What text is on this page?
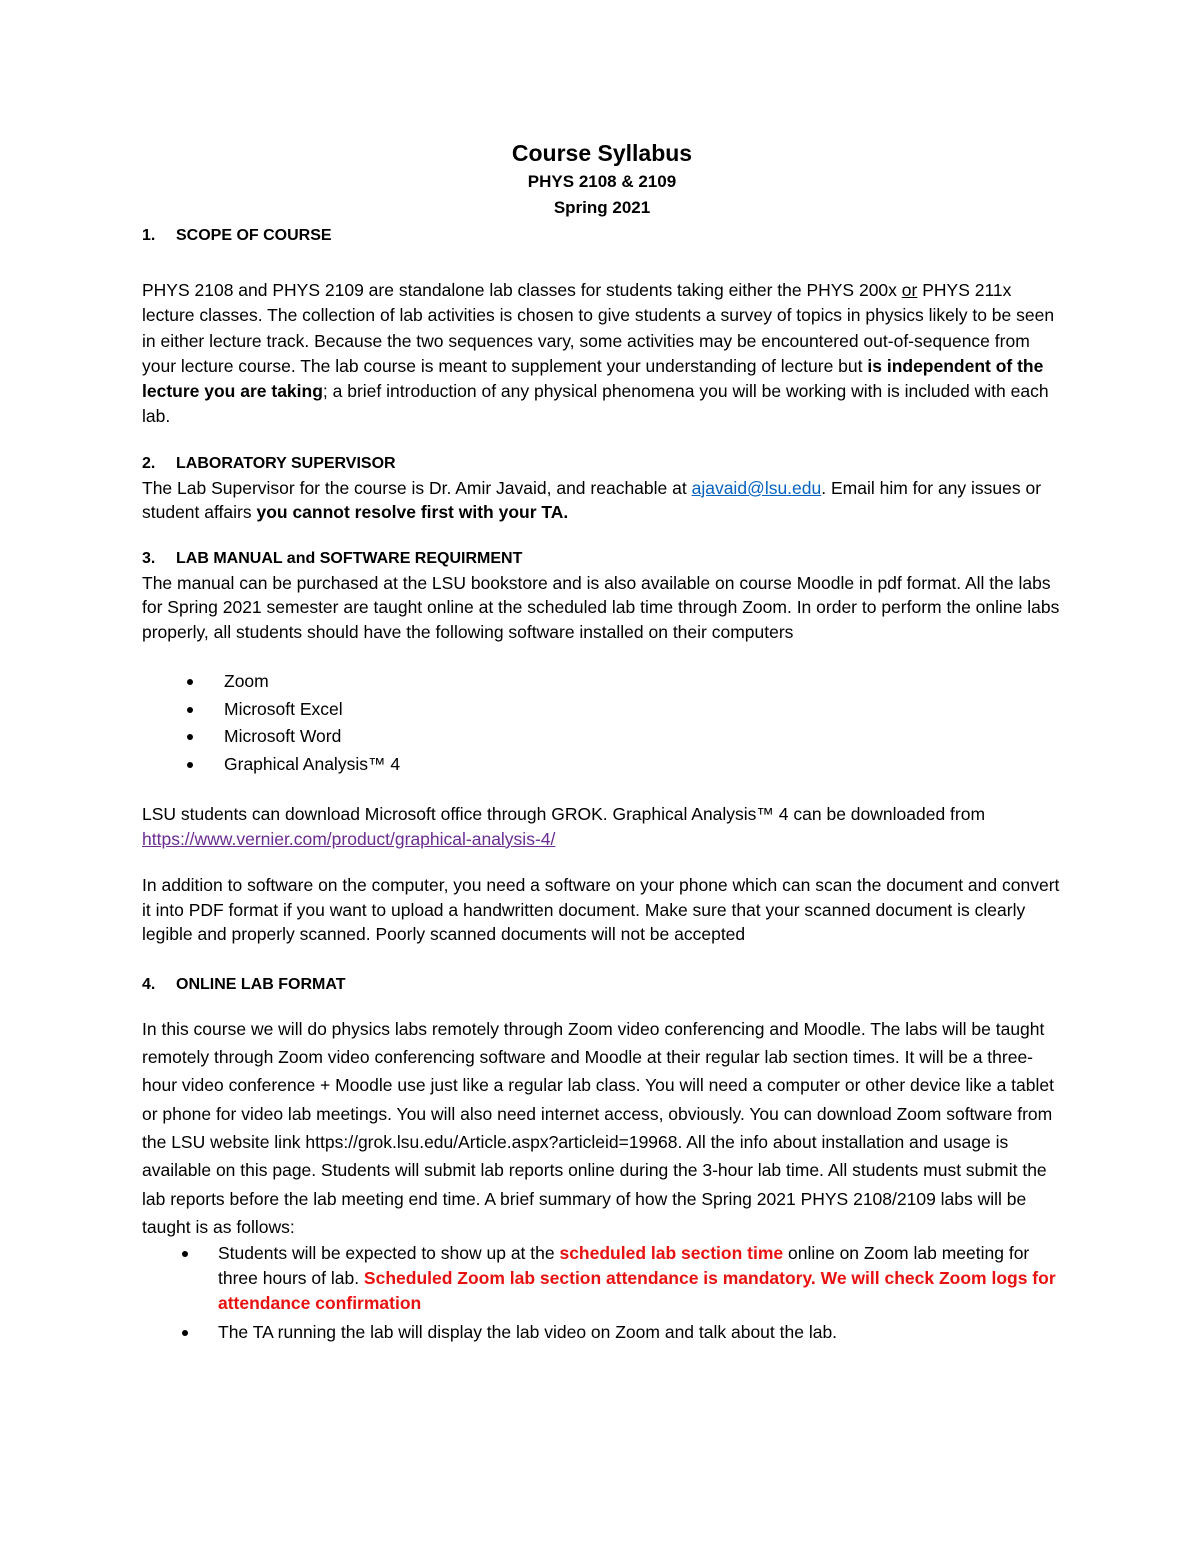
Course Syllabus
PHYS 2108 & 2109
Spring 2021
1.	SCOPE OF COURSE

PHYS 2108 and PHYS 2109 are standalone lab classes for students taking either the PHYS 200x or PHYS 211x lecture classes. The collection of lab activities is chosen to give students a survey of topics in physics likely to be seen in either lecture track. Because the two sequences vary, some activities may be encountered out-of-sequence from your lecture course. The lab course is meant to supplement your understanding of lecture but is independent of the lecture you are taking; a brief introduction of any physical phenomena you will be working with is included with each lab.

2.	LABORATORY SUPERVISOR

The Lab Supervisor for the course is Dr. Amir Javaid, and reachable at ajavaid@lsu.edu. Email him for any issues or student affairs you cannot resolve first with your TA.

3.	LAB MANUAL and SOFTWARE REQUIRMENT

The manual can be purchased at the LSU bookstore and is also available on course Moodle in pdf format. All the labs for Spring 2021 semester are taught online at the scheduled lab time through Zoom. In order to perform the online labs properly, all students should have the following software installed on their computers

Zoom
Microsoft Excel
Microsoft Word
Graphical Analysis™ 4

LSU students can download Microsoft office through GROK. Graphical Analysis™ 4 can be downloaded from https://www.vernier.com/product/graphical-analysis-4/

In addition to software on the computer, you need a software on your phone which can scan the document and convert it into PDF format if you want to upload a handwritten document. Make sure that your scanned document is clearly legible and properly scanned. Poorly scanned documents will not be accepted

4.	ONLINE LAB FORMAT

In this course we will do physics labs remotely through Zoom video conferencing and Moodle. The labs will be taught remotely through Zoom video conferencing software and Moodle at their regular lab section times. It will be a three-hour video conference + Moodle use just like a regular lab class. You will need a computer or other device like a tablet or phone for video lab meetings. You will also need internet access, obviously. You can download Zoom software from the LSU website link https://grok.lsu.edu/Article.aspx?articleid=19968. All the info about installation and usage is available on this page. Students will submit lab reports online during the 3-hour lab time. All students must submit the lab reports before the lab meeting end time. A brief summary of how the Spring 2021 PHYS 2108/2109 labs will be taught is as follows:

Students will be expected to show up at the scheduled lab section time online on Zoom lab meeting for three hours of lab. Scheduled Zoom lab section attendance is mandatory. We will check Zoom logs for attendance confirmation
The TA running the lab will display the lab video on Zoom and talk about the lab.
